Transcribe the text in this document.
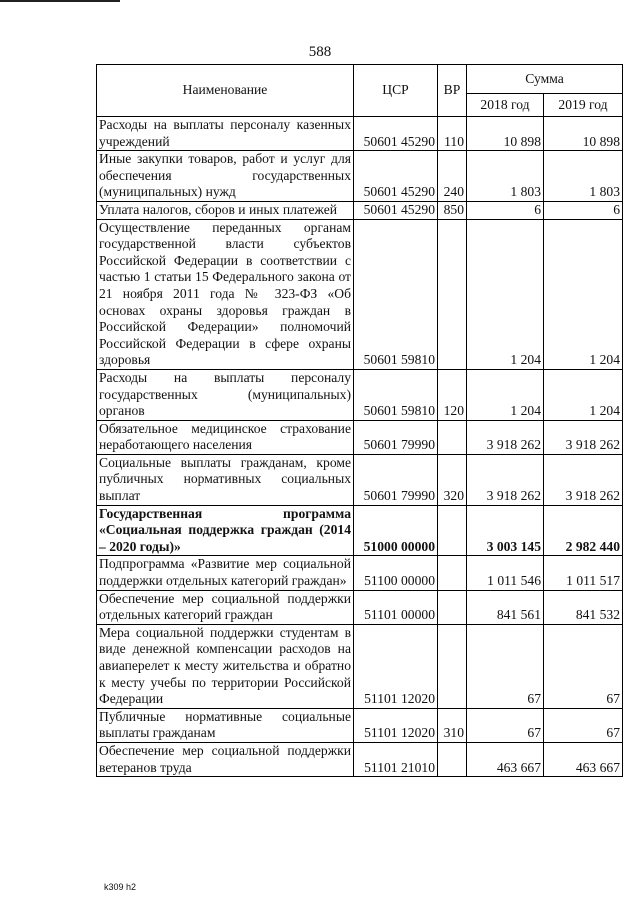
588
Наименование	ЦСР	ВР	Сумма	
			2018 год	2019 год
Расходы на выплаты персоналу казенных учреждений	50601 45290	110	10 898	10 898
Иные закупки товаров, работ и услуг для обеспечения государственных (муниципальных) нужд	50601 45290	240	1 803	1 803
Уплата налогов, сборов и иных платежей	50601 45290	850	6	6
Осуществление переданных органам государственной власти субъектов Российской Федерации в соответствии с частью 1 статьи 15 Федерального закона от 21 ноября 2011 года № 323-ФЗ «Об основах охраны здоровья граждан в Российской Федерации» полномочий Российской Федерации в сфере охраны здоровья	50601 59810		1 204	1 204
Расходы на выплаты персоналу государственных (муниципальных) органов	50601 59810	120	1 204	1 204
Обязательное медицинское страхование неработающего населения	50601 79990		3 918 262	3 918 262
Социальные выплаты гражданам, кроме публичных нормативных социальных выплат	50601 79990	320	3 918 262	3 918 262
Государственная программа «Социальная поддержка граждан (2014 – 2020 годы)»	51000 00000		3 003 145	2 982 440
Подпрограмма «Развитие мер социальной поддержки отдельных категорий граждан»	51100 00000		1 011 546	1 011 517
Обеспечение мер социальной поддержки отдельных категорий граждан	51101 00000		841 561	841 532
Мера социальной поддержки студентам в виде денежной компенсации расходов на авиаперелет к месту жительства и обратно к месту учебы по территории Российской Федерации	51101 12020		67	67
Публичные нормативные социальные выплаты гражданам	51101 12020	310	67	67
Обеспечение мер социальной поддержки ветеранов труда	51101 21010		463 667	463 667
k309 h2
